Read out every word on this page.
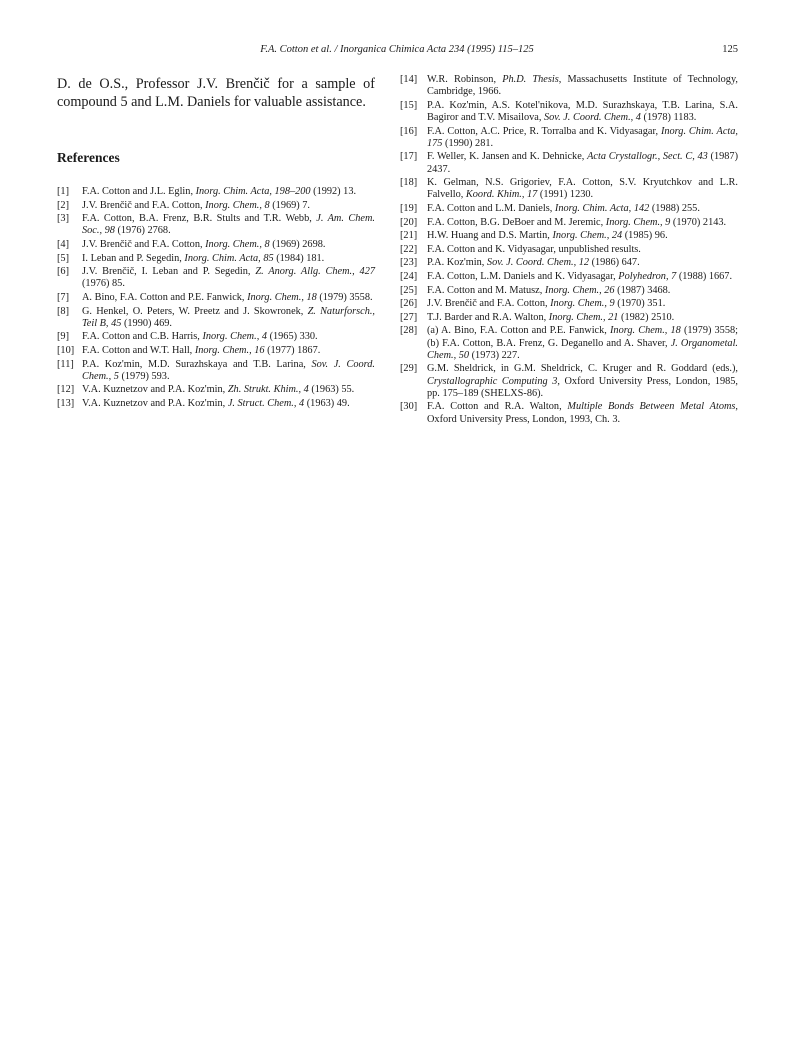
F.A. Cotton et al. / Inorganica Chimica Acta 234 (1995) 115–125	125

D. de O.S., Professor J.V. Brenčič for a sample of
compound 5 and L.M. Daniels for valuable assistance.

References
[1]	F.A. Cotton and J.L. Eglin, Inorg. Chim. Acta, 198–200 (1992) 13.
[2]	J.V. Brenčič and F.A. Cotton, Inorg. Chem., 8 (1969) 7.
[3]	F.A. Cotton, B.A. Frenz, B.R. Stults and T.R. Webb, J. Am. Chem. Soc., 98 (1976) 2768.
[4]	J.V. Brenčič and F.A. Cotton, Inorg. Chem., 8 (1969) 2698.
[5]	I. Leban and P. Segedin, Inorg. Chim. Acta, 85 (1984) 181.
[6]	J.V. Brenčič, I. Leban and P. Segedin, Z. Anorg. Allg. Chem., 427 (1976) 85.
[7]	A. Bino, F.A. Cotton and P.E. Fanwick, Inorg. Chem., 18 (1979) 3558.
[8]	G. Henkel, O. Peters, W. Preetz and J. Skowronek, Z. Naturforsch., Teil B, 45 (1990) 469.
[9]	F.A. Cotton and C.B. Harris, Inorg. Chem., 4 (1965) 330.
[10] F.A. Cotton and W.T. Hall, Inorg. Chem., 16 (1977) 1867.
[11] P.A. Koz'min, M.D. Surazhskaya and T.B. Larina, Sov. J. Coord. Chem., 5 (1979) 593.
[12] V.A. Kuznetzov and P.A. Koz'min, Zh. Strukt. Khim., 4 (1963) 55.
[13] V.A. Kuznetzov and P.A. Koz'min, J. Struct. Chem., 4 (1963) 49.
[14] W.R. Robinson, Ph.D. Thesis, Massachusetts Institute of Technology, Cambridge, 1966.
[15] P.A. Koz'min, A.S. Kotel'nikova, M.D. Surazhskaya, T.B. Larina, S.A. Bagiror and T.V. Misailova, Sov. J. Coord. Chem., 4 (1978) 1183.
[16] F.A. Cotton, A.C. Price, R. Torralba and K. Vidyasagar, Inorg. Chim. Acta, 175 (1990) 281.
[17] F. Weller, K. Jansen and K. Dehnicke, Acta Crystallogr., Sect. C, 43 (1987) 2437.
[18] K. Gelman, N.S. Grigoriev, F.A. Cotton, S.V. Kryutchkov and L.R. Falvello, Koord. Khim., 17 (1991) 1230.
[19] F.A. Cotton and L.M. Daniels, Inorg. Chim. Acta, 142 (1988) 255.
[20] F.A. Cotton, B.G. DeBoer and M. Jeremic, Inorg. Chem., 9 (1970) 2143.
[21] H.W. Huang and D.S. Martin, Inorg. Chem., 24 (1985) 96.
[22] F.A. Cotton and K. Vidyasagar, unpublished results.
[23] P.A. Koz'min, Sov. J. Coord. Chem., 12 (1986) 647.
[24] F.A. Cotton, L.M. Daniels and K. Vidyasagar, Polyhedron, 7 (1988) 1667.
[25] F.A. Cotton and M. Matusz, Inorg. Chem., 26 (1987) 3468.
[26] J.V. Brenčič and F.A. Cotton, Inorg. Chem., 9 (1970) 351.
[27] T.J. Barder and R.A. Walton, Inorg. Chem., 21 (1982) 2510.
[28] (a) A. Bino, F.A. Cotton and P.E. Fanwick, Inorg. Chem., 18 (1979) 3558; (b) F.A. Cotton, B.A. Frenz, G. Deganello and A. Shaver, J. Organometal. Chem., 50 (1973) 227.
[29] G.M. Sheldrick, in G.M. Sheldrick, C. Kruger and R. Goddard (eds.), Crystallographic Computing 3, Oxford University Press, London, 1985, pp. 175–189 (SHELXS-86).
[30] F.A. Cotton and R.A. Walton, Multiple Bonds Between Metal Atoms, Oxford University Press, London, 1993, Ch. 3.
